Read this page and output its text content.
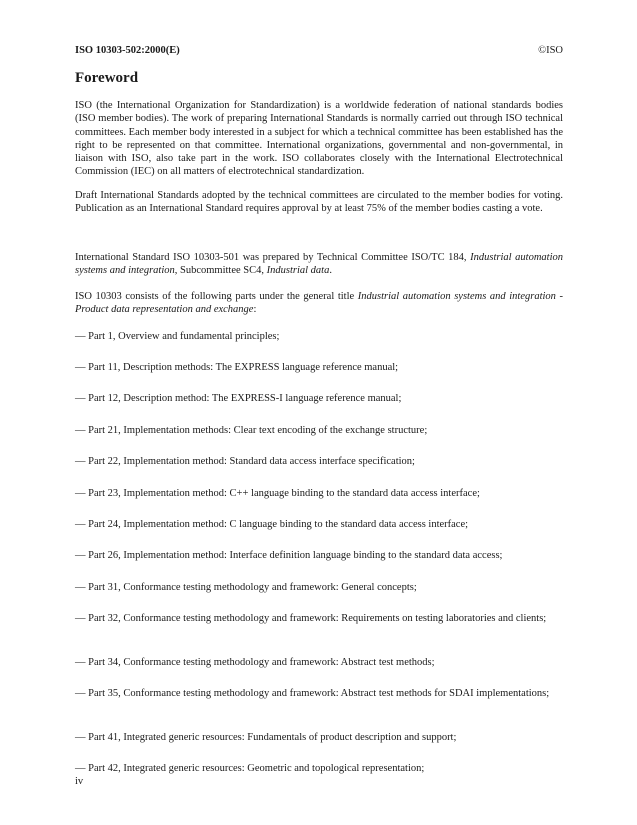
ISO 10303-502:2000(E)	©ISO
Foreword
ISO (the International Organization for Standardization) is a worldwide federation of national standards bodies (ISO member bodies). The work of preparing International Standards is normally carried out through ISO technical committees. Each member body interested in a subject for which a technical committee has been established has the right to be represented on that committee. International organizations, governmental and non-governmental, in liaison with ISO, also take part in the work. ISO collaborates closely with the International Electrotechnical Commission (IEC) on all matters of electrotechnical standardization.
Draft International Standards adopted by the technical committees are circulated to the member bodies for voting. Publication as an International Standard requires approval by at least 75% of the member bodies casting a vote.
International Standard ISO 10303-501 was prepared by Technical Committee ISO/TC 184, Industrial automation systems and integration, Subcommittee SC4, Industrial data.
ISO 10303 consists of the following parts under the general title Industrial automation systems and integration - Product data representation and exchange:
— Part 1, Overview and fundamental principles;
— Part 11, Description methods: The EXPRESS language reference manual;
— Part 12, Description method: The EXPRESS-I language reference manual;
— Part 21, Implementation methods: Clear text encoding of the exchange structure;
— Part 22, Implementation method: Standard data access interface specification;
— Part 23, Implementation method: C++ language binding to the standard data access interface;
— Part 24, Implementation method: C language binding to the standard data access interface;
— Part 26, Implementation method: Interface definition language binding to the standard data access;
— Part 31, Conformance testing methodology and framework: General concepts;
— Part 32, Conformance testing methodology and framework: Requirements on testing laboratories and clients;
— Part 34, Conformance testing methodology and framework: Abstract test methods;
— Part 35, Conformance testing methodology and framework: Abstract test methods for SDAI implementations;
— Part 41, Integrated generic resources: Fundamentals of product description and support;
— Part 42, Integrated generic resources: Geometric and topological representation;
iv
